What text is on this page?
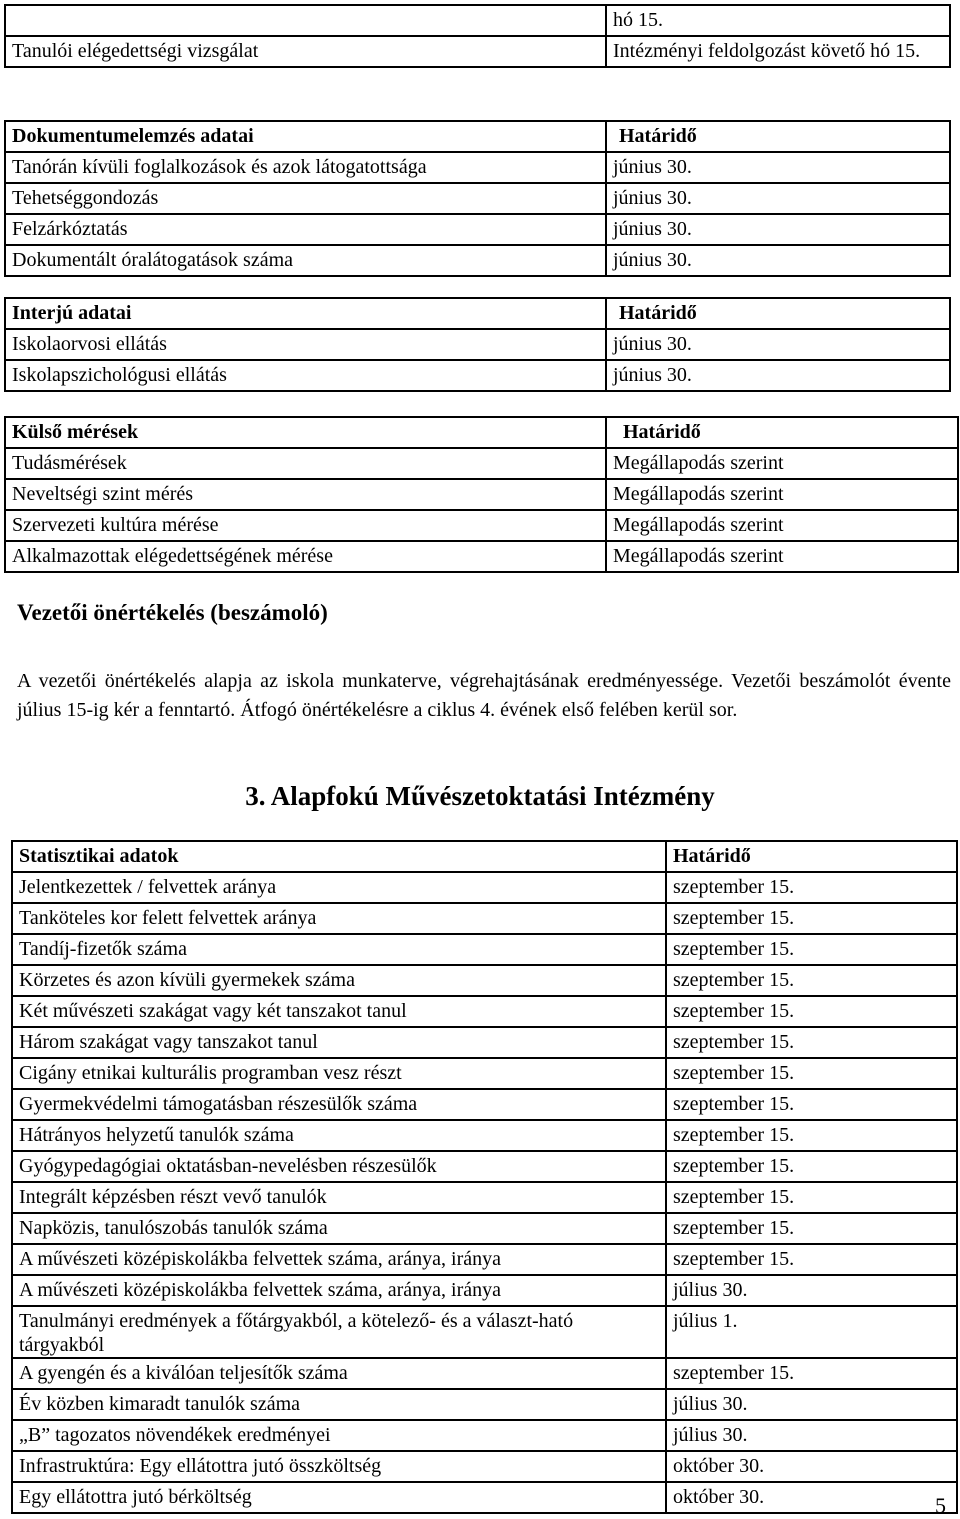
	hó 15.
Tanulói elégedettségi vizsgálat	Intézményi feldolgozást követő hó 15.
Dokumentumelemzés adatai	Határidő
Tanórán kívüli foglalkozások és azok látogatottsága	június 30.
Tehetséggondozás	június 30.
Felzárkóztatás	június 30.
Dokumentált óralátogatások száma	június 30.
Interjú adatai	Határidő
Iskolaorvosi ellátás	június 30.
Iskolapszichológusi ellátás	június 30.
Külső mérések	Határidő
Tudásmérések	Megállapodás szerint
Neveltségi szint mérés	Megállapodás szerint
Szervezeti kultúra mérése	Megállapodás szerint
Alkalmazottak elégedettségének mérése	Megállapodás szerint
Vezetői önértékelés (beszámoló)
A vezetői önértékelés alapja az iskola munkaterve, végrehajtásának eredményessége. Vezetői beszámolót évente július 15-ig kér a fenntartó. Átfogó önértékelésre a ciklus 4. évének első felében kerül sor.
3. Alapfokú Művészetoktatási Intézmény
Statisztikai adatok	Határidő
Jelentkezettek / felvettek aránya	szeptember 15.
Tanköteles kor felett felvettek aránya	szeptember 15.
Tandíj-fizetők száma	szeptember 15.
Körzetes és azon kívüli gyermekek száma	szeptember 15.
Két művészeti szakágat vagy két tanszakot tanul	szeptember 15.
Három szakágat vagy tanszakot tanul	szeptember 15.
Cigány etnikai kulturális programban vesz részt	szeptember 15.
Gyermekvédelmi támogatásban részesülők száma	szeptember 15.
Hátrányos helyzetű tanulók száma	szeptember 15.
Gyógypedagógiai oktatásban-nevelésben részesülők	szeptember 15.
Integrált képzésben részt vevő tanulók	szeptember 15.
Napközis, tanulószobás tanulók száma	szeptember 15.
A művészeti középiskolákba felvettek száma, aránya, iránya	szeptember 15.
A művészeti középiskolákba felvettek száma, aránya, iránya	július 30.
Tanulmányi eredmények a főtárgyakból, a kötelező- és a választ-ható tárgyakból	július 1.
A gyengén és a kiválóan teljesítők száma	szeptember 15.
Év közben kimaradt tanulók száma	július 30.
„B” tagozatos növendékek eredményei	július 30.
Infrastruktúra: Egy ellátottra jutó összköltség	október 30.
Egy ellátottra jutó bérköltség	október 30.	5
